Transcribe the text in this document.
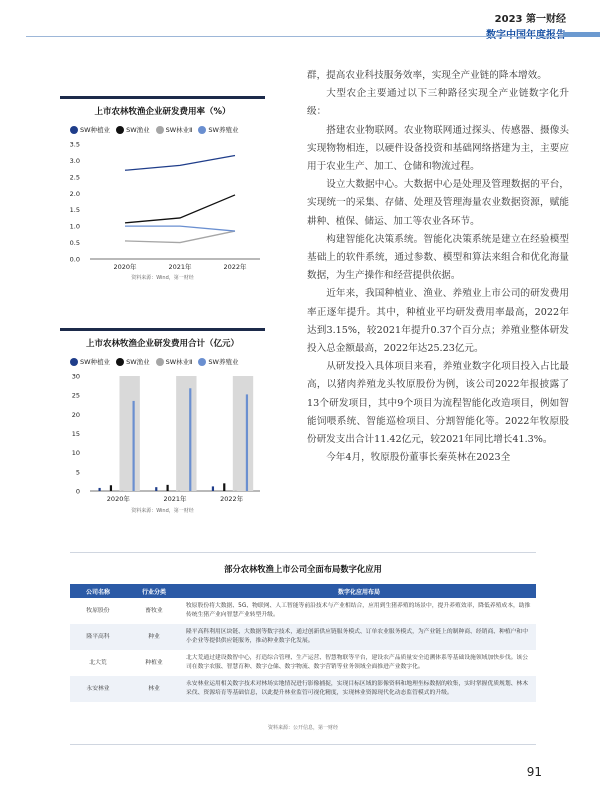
2023 第一财经
上市农林牧渔企业研发费用率（%）
SW种植业 SW渔业 SW林业Ⅱ SW养殖业
0.0
0.5
1.0
1.5
2.0
2.5
3.0
3.5
2020年	2021年	2022年
资料来源：Wind，第一财经
上市农林牧渔企业研发费用合计（亿元）
SW种植业 SW渔业 SW林业Ⅱ SW养殖业
0
5
10
15
20
25
30
2020年	2021年	2022年
资料来源：Wind，第一财经

群，提高农业科技服务效率，实现全产业链的降本增效。

大型农企主要通过以下三种路径实现全产业链数字化升级：

搭建农业物联网。农业物联网通过探头、传感器、摄像头实现物物相连，以硬件设备投资和基础网络搭建为主，主要应用于农业生产、加工、仓储和物流过程。

设立大数据中心。大数据中心是处理及管理数据的平台，实现统一的采集、存储、处理及管理海量农业数据资源，赋能耕种、植保、储运、加工等农业各环节。

构建智能化决策系统。智能化决策系统是建立在经验模型基础上的软件系统，通过参数、模型和算法来组合和优化海量数据，为生产操作和经营提供依据。

近年来，我国种植业、渔业、养殖业上市公司的研发费用率正逐年提升。其中，种植业平均研发费用率最高，2022年达到3.15%，较2021年提升0.37个百分点；养殖业整体研发投入总金额最高，2022年达25.23亿元。

从研发投入具体项目来看，养殖业数字化项目投入占比最高，以猪肉养殖龙头牧原股份为例，该公司2022年报披露了13个研发项目，其中9个项目为流程智能化改造项目，例如智能饲喂系统、智能巡检项目、分割智能化等。2022年牧原股份研发支出合计11.42亿元，较2021年同比增长41.3%。

今年4月，牧原股份董事长秦英林在2023全

部分农林牧渔上市公司全面布局数字化应用
公司名称	行业分类	数字化应用布局
牧原股份	畜牧业	牧原股份将大数据、5G、物联网、人工智能等前沿技术与产业相结合，应用到生猪养殖的场景中，提升养殖效率，降低养殖成本，助推传统生猪产业向智慧产业转型升级。
隆平高科	种业	隆平高科利用区块链、大数据等数字技术，通过创新供应链服务模式、订单农业服务模式，为产业链上的制种商、经销商、种植户和中小企业等提供供应链服务，推动种业数字化发展。
北大荒	种植业	北大荒通过建设数智中心，打造综合管理、生产运营、智慧物联等平台，建设农产品质量安全追溯体系等基础设施领域加快步伐。该公司在数字农服、智慧育种、数字仓储、数字物流、数字营销等业务领域全面推进产业数字化。
永安林业	林业	永安林业运用相关数字技术对林场实地情况进行影像捕捉，实现目标区域的影像资料和地理坐标数据的收集，实时掌握优质规划、林木采伐、资源培育等基础信息，以此提升林业监管可视化精度，实现林业资源现代化动态监管模式的升级。
资料来源：公开信息，第一财经
91
